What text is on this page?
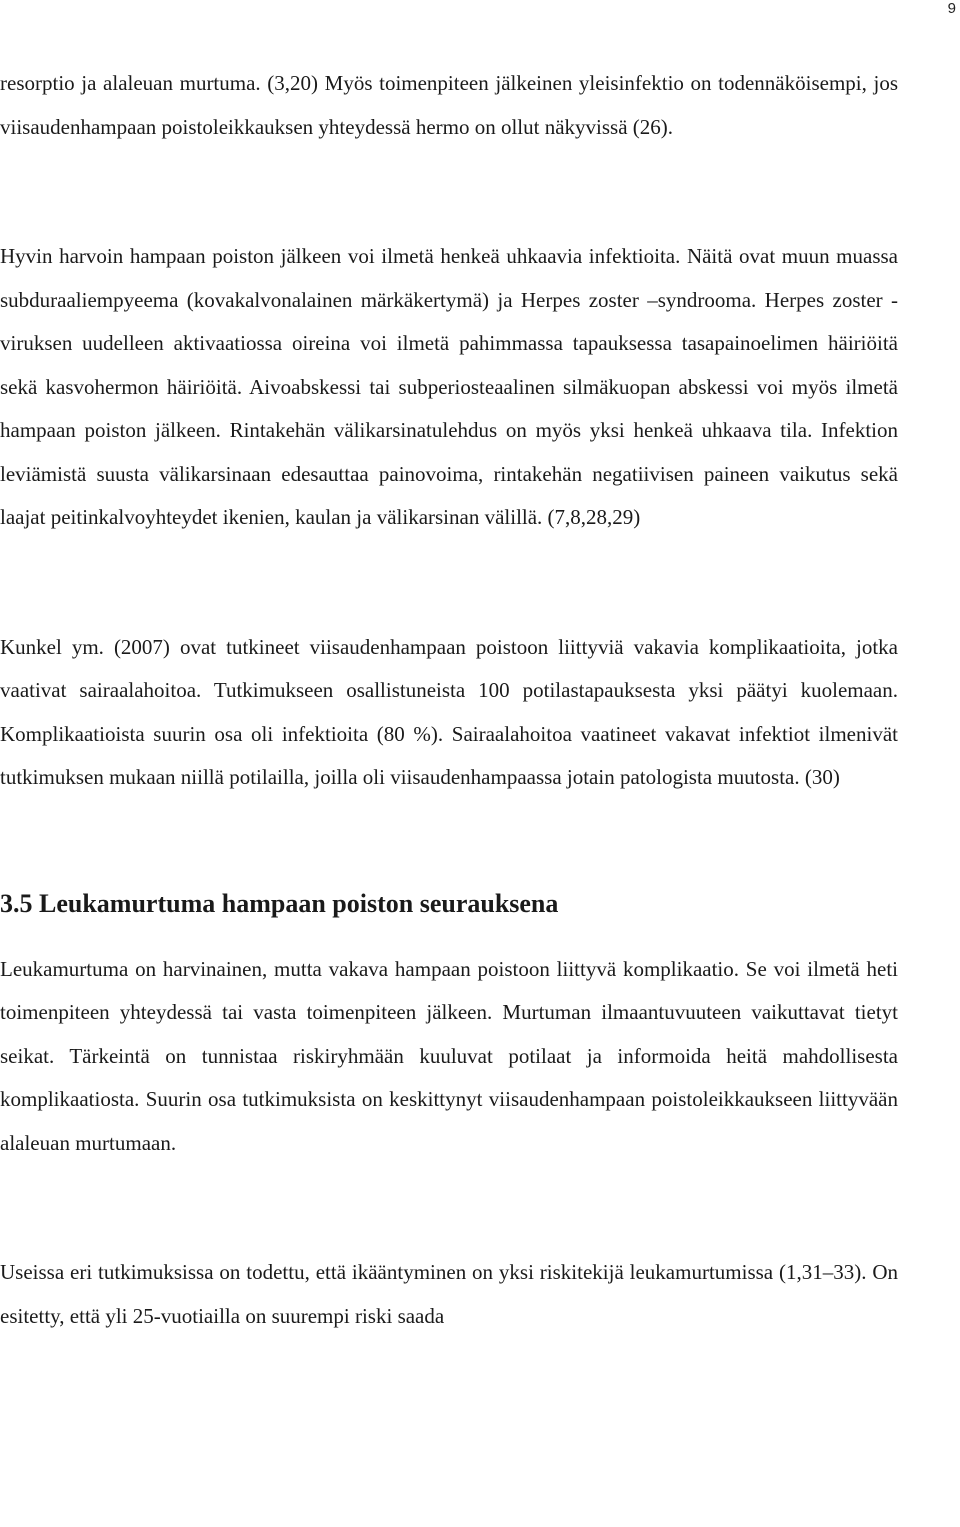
9

resorptio ja alaleuan murtuma. (3,20) Myös toimenpiteen jälkeinen yleisinfektio on todennäköisempi, jos viisaudenhampaan poistoleikkauksen yhteydessä hermo on ollut näkyvissä (26).

Hyvin harvoin hampaan poiston jälkeen voi ilmetä henkeä uhkaavia infektioita. Näitä ovat muun muassa subduraaliempyeema (kovakalvonalainen märkäkertymä) ja Herpes zoster –syndrooma. Herpes zoster -viruksen uudelleen aktivaatiossa oireina voi ilmetä pahimmassa tapauksessa tasapainoelimen häiriöitä sekä kasvohermon häiriöitä. Aivoabskessi tai subperiosteaalinen silmäkuopan abskessi voi myös ilmetä hampaan poiston jälkeen. Rintakehän välikarsinatulehdus on myös yksi henkeä uhkaava tila. Infektion leviämistä suusta välikarsinaan edesauttaa painovoima, rintakehän negatiivisen paineen vaikutus sekä laajat peitinkalvoyhteydet ikenien, kaulan ja välikarsinan välillä. (7,8,28,29)

Kunkel ym. (2007) ovat tutkineet viisaudenhampaan poistoon liittyviä vakavia komplikaatioita, jotka vaativat sairaalahoitoa. Tutkimukseen osallistuneista 100 potilastapauksesta yksi päätyi kuolemaan. Komplikaatioista suurin osa oli infektioita (80 %). Sairaalahoitoa vaatineet vakavat infektiot ilmenivät tutkimuksen mukaan niillä potilailla, joilla oli viisaudenhampaassa jotain patologista muutosta. (30)

3.5 Leukamurtuma hampaan poiston seurauksena

Leukamurtuma on harvinainen, mutta vakava hampaan poistoon liittyvä komplikaatio. Se voi ilmetä heti toimenpiteen yhteydessä tai vasta toimenpiteen jälkeen. Murtuman ilmaantuvuuteen vaikuttavat tietyt seikat. Tärkeintä on tunnistaa riskiryhmään kuuluvat potilaat ja informoida heitä mahdollisesta komplikaatiosta. Suurin osa tutkimuksista on keskittynyt viisaudenhampaan poistoleikkaukseen liittyvään alaleuan murtumaan.

Useissa eri tutkimuksissa on todettu, että ikääntyminen on yksi riskitekijä leukamurtumissa (1,31–33). On esitetty, että yli 25-vuotiailla on suurempi riski saada
